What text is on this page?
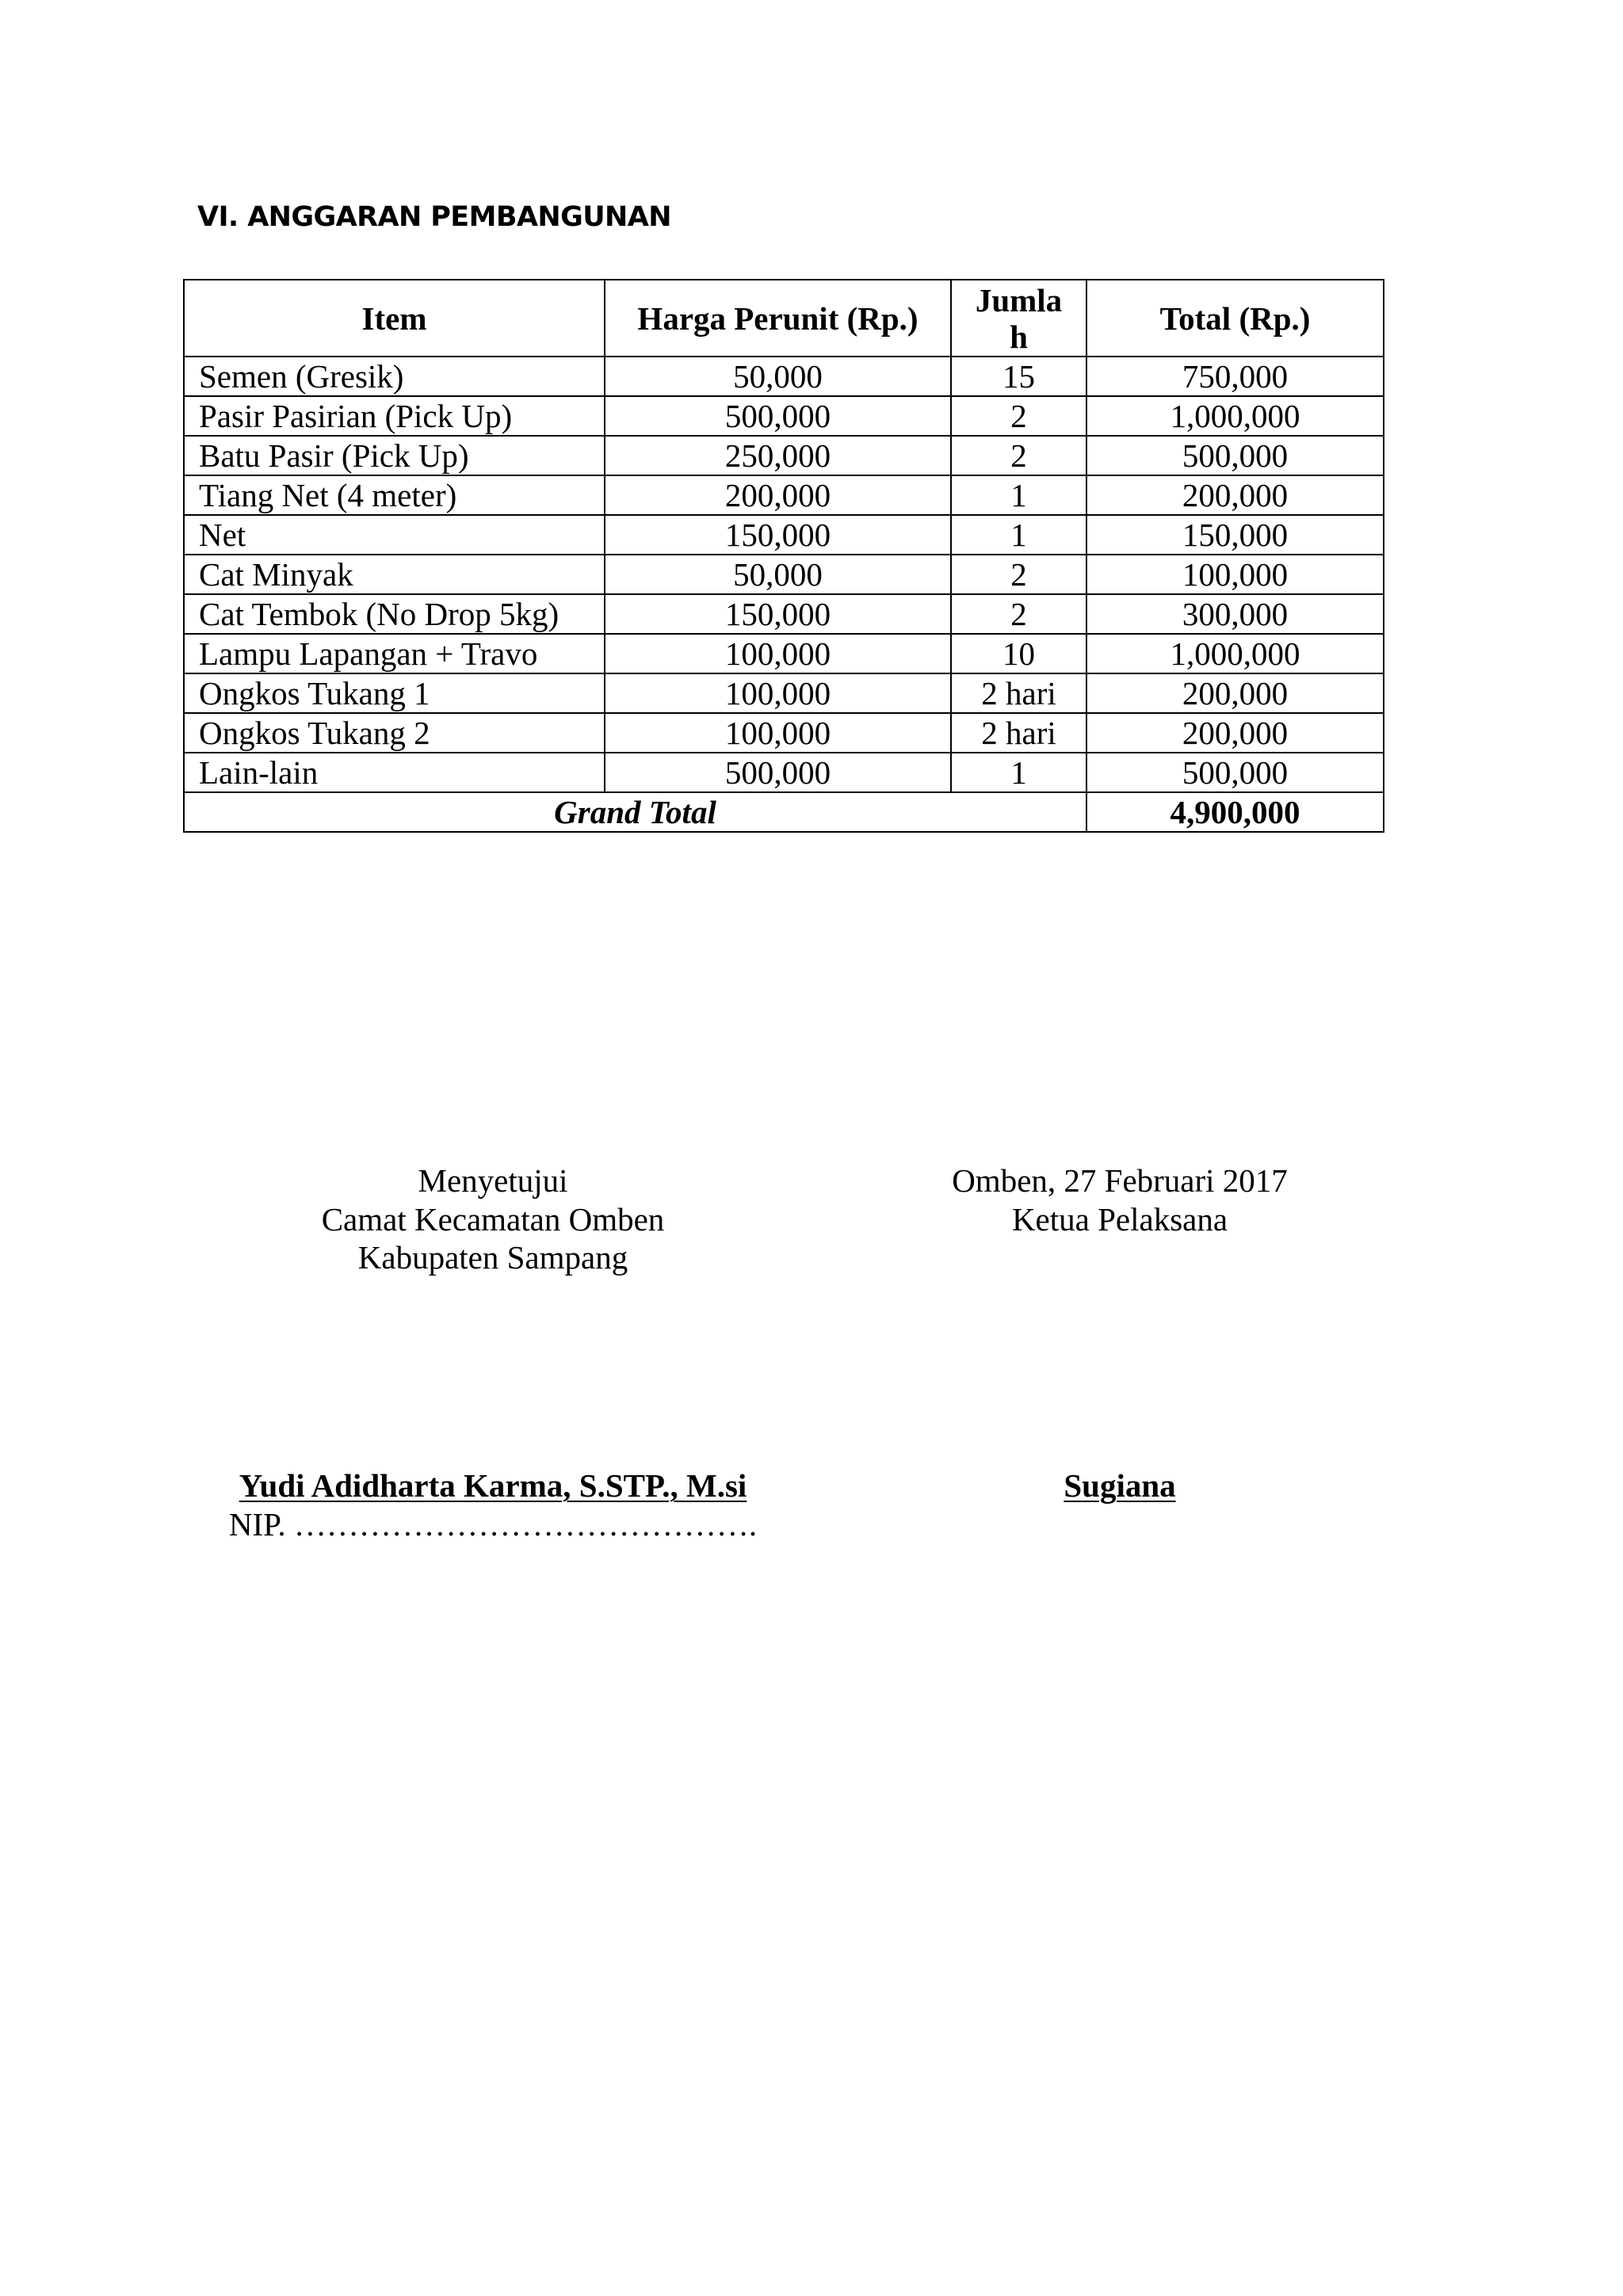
VI. ANGGARAN PEMBANGUNAN
Item	Harga Perunit (Rp.)	Jumlah	Total (Rp.)
Semen (Gresik)	50,000	15	750,000
Pasir Pasirian (Pick Up)	500,000	2	1,000,000
Batu Pasir (Pick Up)	250,000	2	500,000
Tiang Net (4 meter)	200,000	1	200,000
Net	150,000	1	150,000
Cat Minyak	50,000	2	100,000
Cat Tembok (No Drop 5kg)	150,000	2	300,000
Lampu Lapangan + Travo	100,000	10	1,000,000
Ongkos Tukang 1	100,000	2 hari	200,000
Ongkos Tukang 2	100,000	2 hari	200,000
Lain-lain	500,000	1	500,000
Grand Total			4,900,000
Menyetujui
Camat Kecamatan Omben
Kabupaten Sampang
Omben, 27 Februari 2017
Ketua Pelaksana
Yudi Adidharta Karma, S.STP., M.si
NIP. …………………………………….
Sugiana
